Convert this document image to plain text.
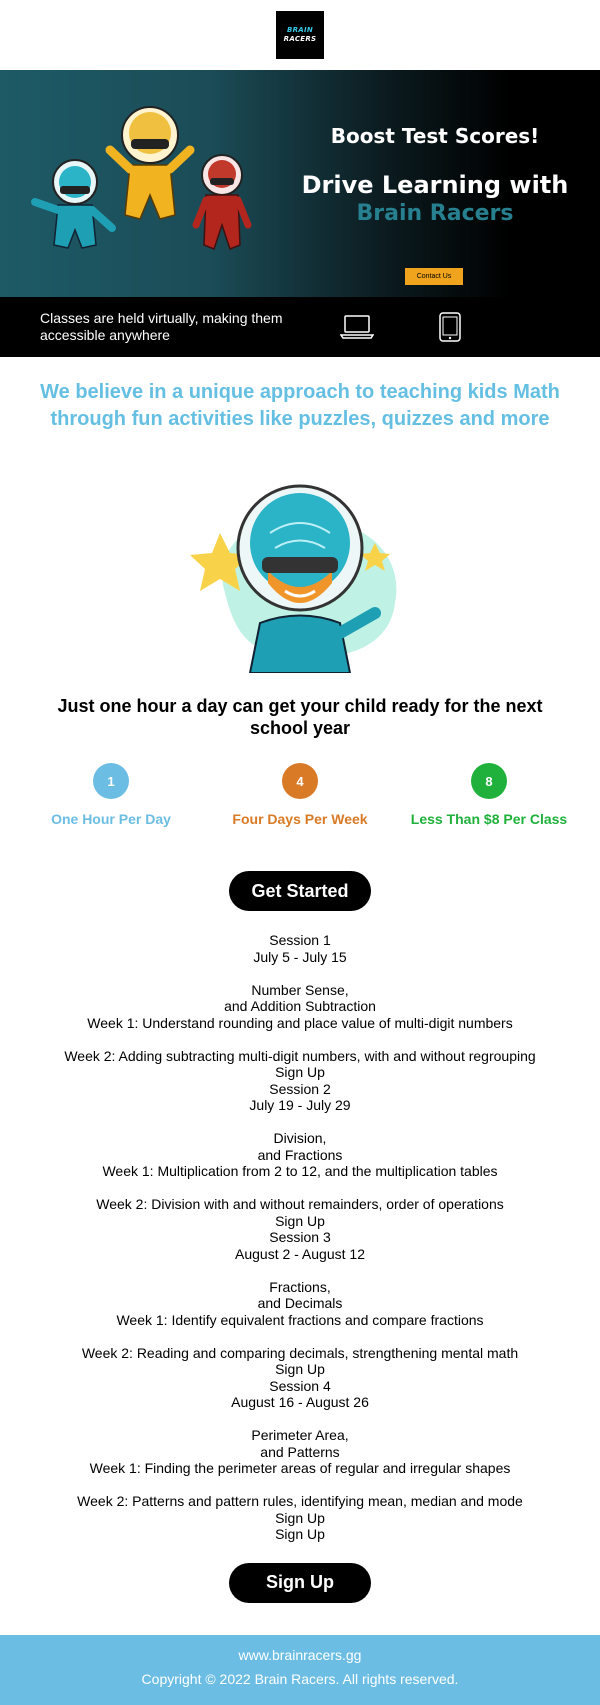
BRAIN
RACERS
Boost Test Scores!
Drive Learning with
Brain Racers
Contact Us
Classes are held virtually, making them accessible anywhere
We believe in a unique approach to teaching kids Math through fun activities like puzzles, quizzes and more
Just one hour a day can get your child ready for the next school year
1
One Hour Per Day
4
Four Days Per Week
8
Less Than $8 Per Class
Get Started
Session 1
July 5 - July 15
Number Sense,
and Addition Subtraction
Week 1: Understand rounding and place value of multi-digit numbers
Week 2: Adding subtracting multi-digit numbers, with and without regrouping
Sign Up
Session 2
July 19 - July 29
Division,
and Fractions
Week 1: Multiplication from 2 to 12, and the multiplication tables
Week 2: Division with and without remainders, order of operations
Sign Up
Session 3
August 2 - August 12
Fractions,
and Decimals
Week 1: Identify equivalent fractions and compare fractions
Week 2: Reading and comparing decimals, strengthening mental math
Sign Up
Session 4
August 16 - August 26
Perimeter Area,
and Patterns
Week 1: Finding the perimeter areas of regular and irregular shapes
Week 2: Patterns and pattern rules, identifying mean, median and mode
Sign Up
Sign Up
Sign Up
www.brainracers.gg
Copyright © 2022 Brain Racers. All rights reserved.
